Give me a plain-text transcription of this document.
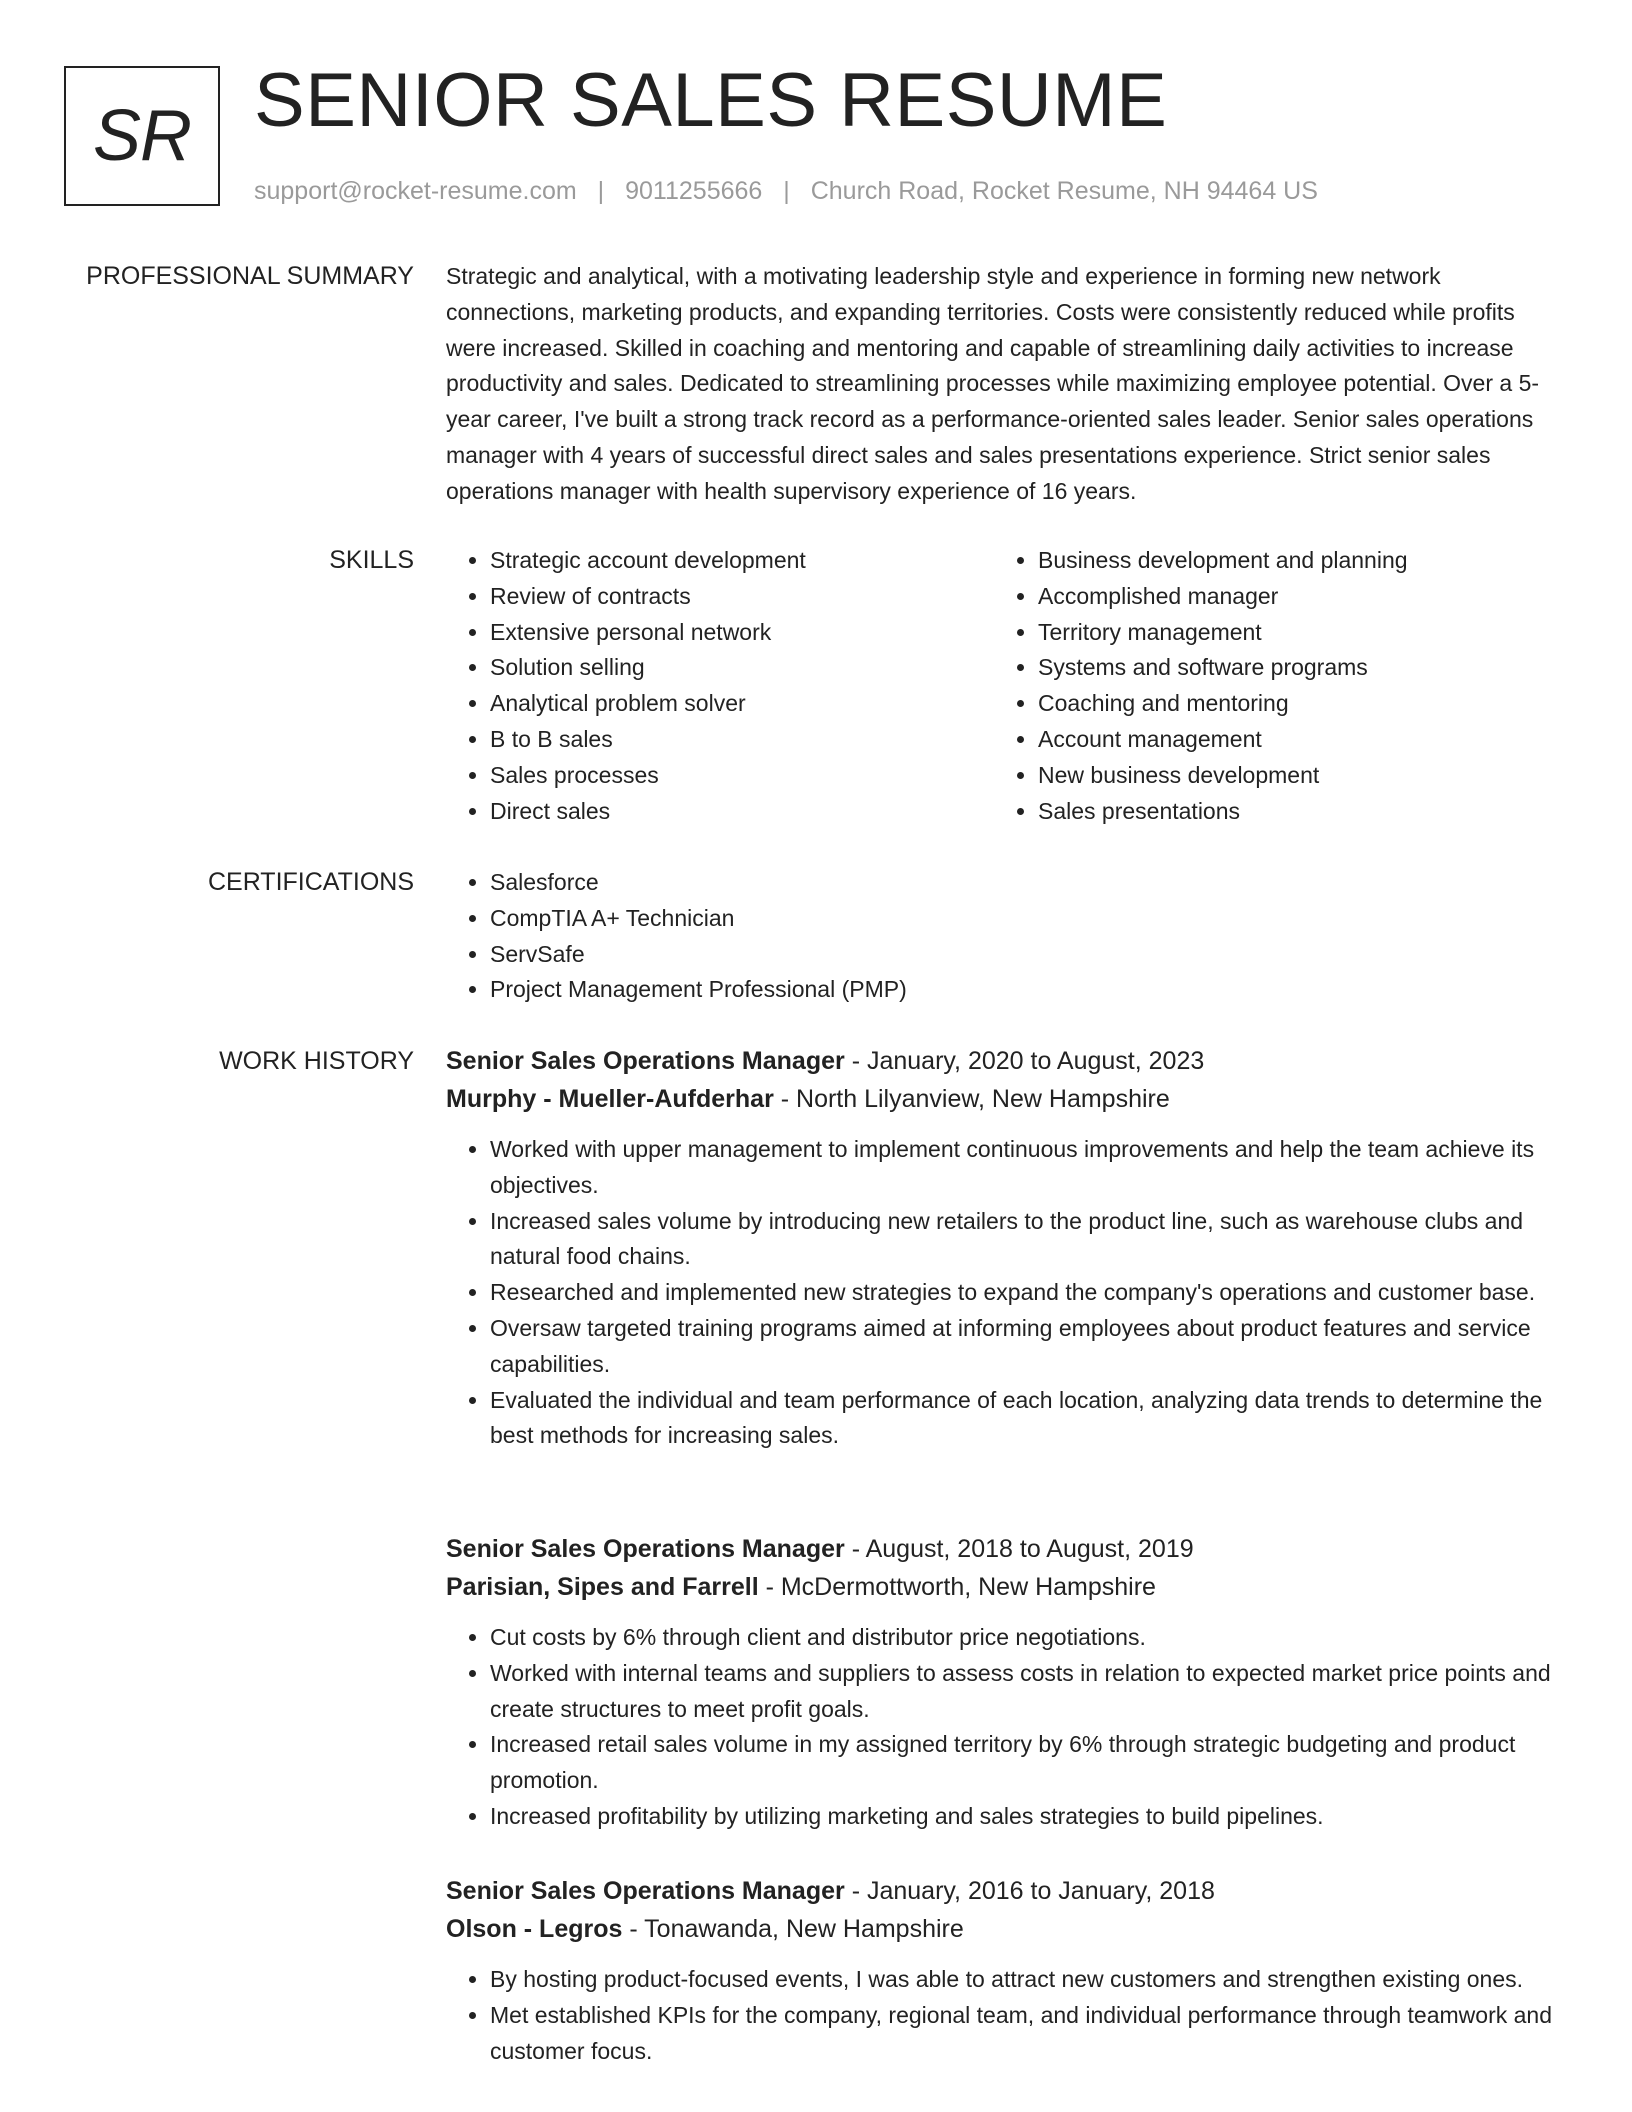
SR SENIOR SALES RESUME
support@rocket-resume.com | 9011255666 | Church Road, Rocket Resume, NH 94464 US
PROFESSIONAL SUMMARY Strategic and analytical, with a motivating leadership style and experience in forming new network connections, marketing products, and expanding territories. Costs were consistently reduced while profits were increased. Skilled in coaching and mentoring and capable of streamlining daily activities to increase productivity and sales. Dedicated to streamlining processes while maximizing employee potential. Over a 5-year career, I've built a strong track record as a performance-oriented sales leader. Senior sales operations manager with 4 years of successful direct sales and sales presentations experience. Strict senior sales operations manager with health supervisory experience of 16 years.

SKILLS	• Strategic account development
• Review of contracts
• Extensive personal network
• Solution selling
• Analytical problem solver
• B to B sales
• Sales processes
• Direct sales
• Business development and planning
• Accomplished manager
• Territory management
• Systems and software programs
• Coaching and mentoring
• Account management
• New business development
• Sales presentations
CERTIFICATIONS	• Salesforce
• CompTIA A+ Technician
• ServSafe
• Project Management Professional (PMP)
WORK HISTORY Senior Sales Operations Manager - January, 2020 to August, 2023
Murphy - Mueller-Aufderhar - North Lilyanview, New Hampshire
• Worked with upper management to implement continuous improvements and help the team achieve its objectives.
• Increased sales volume by introducing new retailers to the product line, such as warehouse clubs and natural food chains.
• Researched and implemented new strategies to expand the company's operations and customer base.
• Oversaw targeted training programs aimed at informing employees about product features and service capabilities.
• Evaluated the individual and team performance of each location, analyzing data trends to determine the best methods for increasing sales.
Senior Sales Operations Manager - August, 2018 to August, 2019
Parisian, Sipes and Farrell - McDermottworth, New Hampshire
• Cut costs by 6% through client and distributor price negotiations.
• Worked with internal teams and suppliers to assess costs in relation to expected market price points and create structures to meet profit goals.
• Increased retail sales volume in my assigned territory by 6% through strategic budgeting and product promotion.
• Increased profitability by utilizing marketing and sales strategies to build pipelines.
Senior Sales Operations Manager - January, 2016 to January, 2018
Olson - Legros - Tonawanda, New Hampshire
• By hosting product-focused events, I was able to attract new customers and strengthen existing ones.
• Met established KPIs for the company, regional team, and individual performance through teamwork and customer focus.
